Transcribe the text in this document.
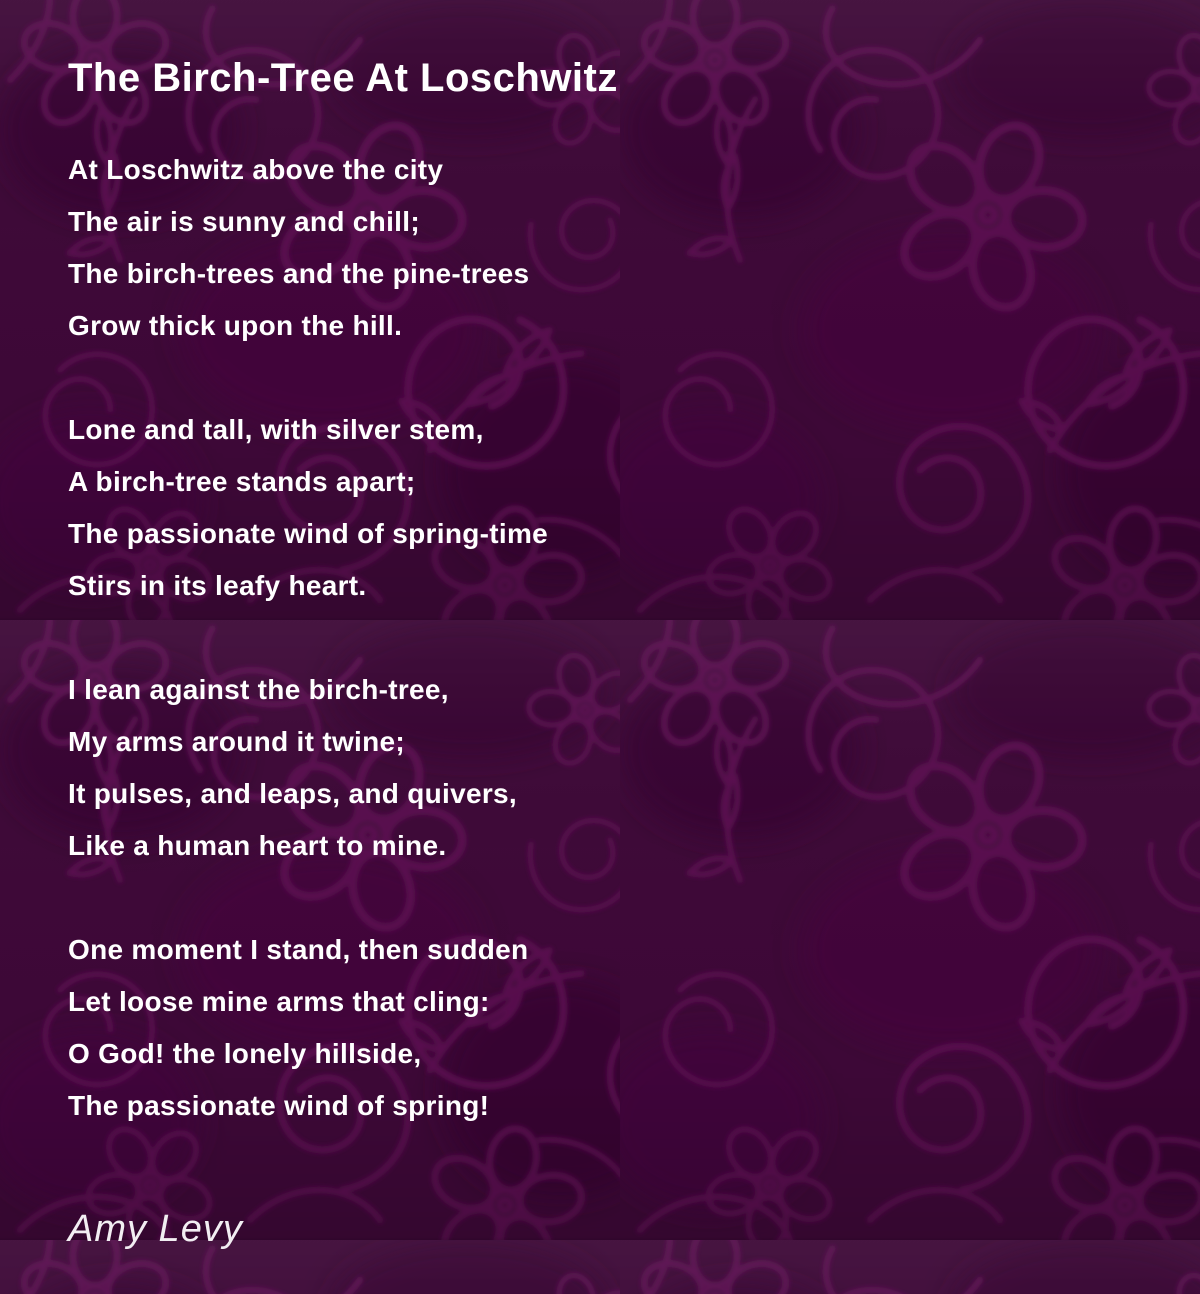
The Birch-Tree At Loschwitz

At Loschwitz above the city

The air is sunny and chill;

The birch-trees and the pine-trees

Grow thick upon the hill.

Lone and tall, with silver stem,

A birch-tree stands apart;

The passionate wind of spring-time

Stirs in its leafy heart.

I lean against the birch-tree,

My arms around it twine;

It pulses, and leaps, and quivers,

Like a human heart to mine.

One moment I stand, then sudden

Let loose mine arms that cling:

O God! the lonely hillside,

The passionate wind of spring!

Amy Levy
